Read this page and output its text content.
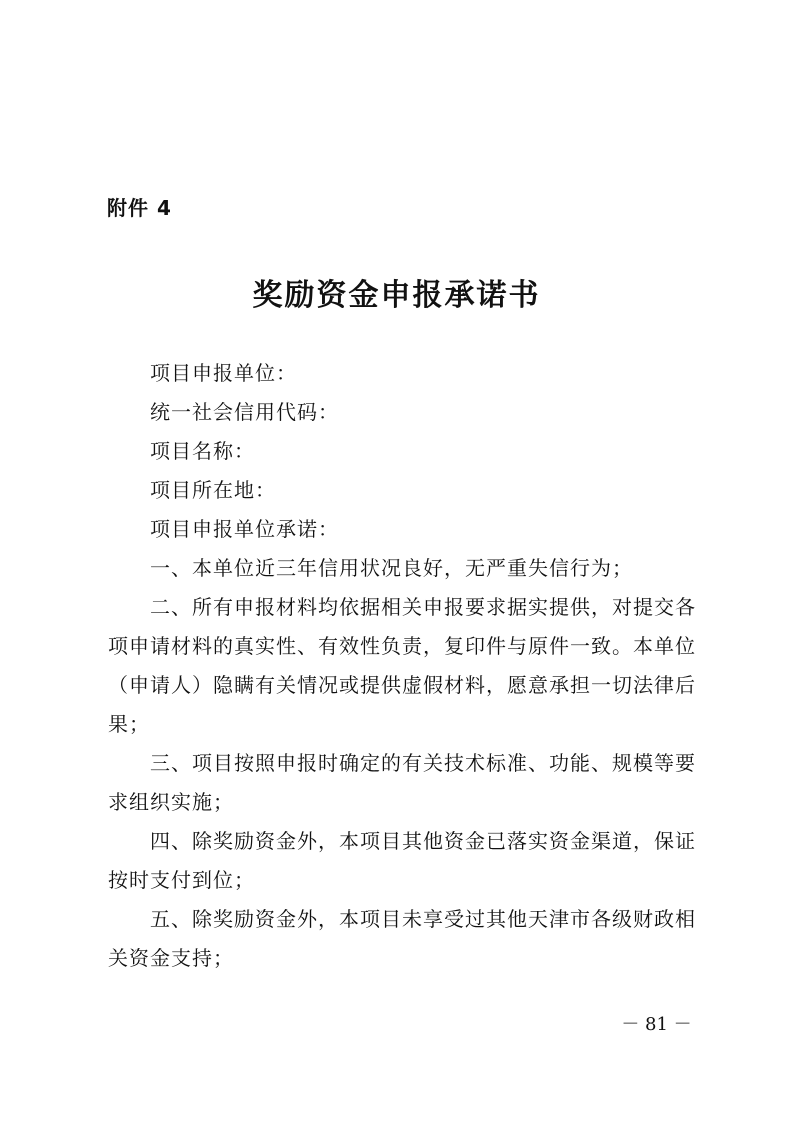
附件 4
奖励资金申报承诺书
项目申报单位：
统一社会信用代码：
项目名称：
项目所在地：
项目申报单位承诺：
一、本单位近三年信用状况良好，无严重失信行为；
二、所有申报材料均依据相关申报要求据实提供，对提交各项申请材料的真实性、有效性负责，复印件与原件一致。本单位（申请人）隐瞒有关情况或提供虚假材料，愿意承担一切法律后果；
三、项目按照申报时确定的有关技术标准、功能、规模等要求组织实施；
四、除奖励资金外，本项目其他资金已落实资金渠道，保证按时支付到位；
五、除奖励资金外，本项目未享受过其他天津市各级财政相关资金支持；
－ 81 －
